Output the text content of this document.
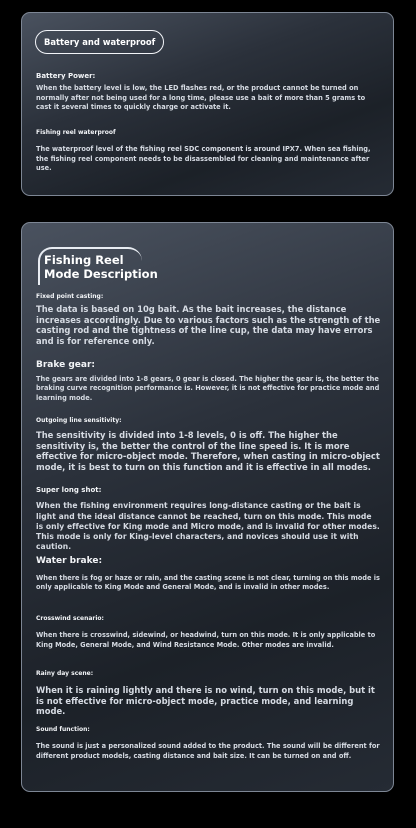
Battery and waterproof
Battery Power:
When the battery level is low, the LED flashes red, or the product cannot be turned on normally after not being used for a long time, please use a bait of more than 5 grams to cast it several times to quickly charge or activate it.
Fishing reel waterproof
The waterproof level of the fishing reel SDC component is around IPX7. When sea fishing, the fishing reel component needs to be disassembled for cleaning and maintenance after use.
Fishing Reel
Mode Description
Fixed point casting:
The data is based on 10g bait. As the bait increases, the distance increases accordingly. Due to various factors such as the strength of the casting rod and the tightness of the line cup, the data may have errors and is for reference only.
Brake gear:
The gears are divided into 1-8 gears, 0 gear is closed. The higher the gear is, the better the braking curve recognition performance is. However, it is not effective for practice mode and learning mode.
Outgoing line sensitivity:
The sensitivity is divided into 1-8 levels, 0 is off. The higher the sensitivity is, the better the control of the line speed is. It is more effective for micro-object mode. Therefore, when casting in micro-object mode, it is best to turn on this function and it is effective in all modes.
Super long shot:
When the fishing environment requires long-distance casting or the bait is light and the ideal distance cannot be reached, turn on this mode. This mode is only effective for King mode and Micro mode, and is invalid for other modes. This mode is only for King-level characters, and novices should use it with caution.
Water brake:
When there is fog or haze or rain, and the casting scene is not clear, turning on this mode is only applicable to King Mode and General Mode, and is invalid in other modes.
Crosswind scenario:
When there is crosswind, sidewind, or headwind, turn on this mode. It is only applicable to King Mode, General Mode, and Wind Resistance Mode. Other modes are invalid.
Rainy day scene:
When it is raining lightly and there is no wind, turn on this mode, but it is not effective for micro-object mode, practice mode, and learning mode.
Sound function:
The sound is just a personalized sound added to the product. The sound will be different for different product models, casting distance and bait size. It can be turned on and off.
